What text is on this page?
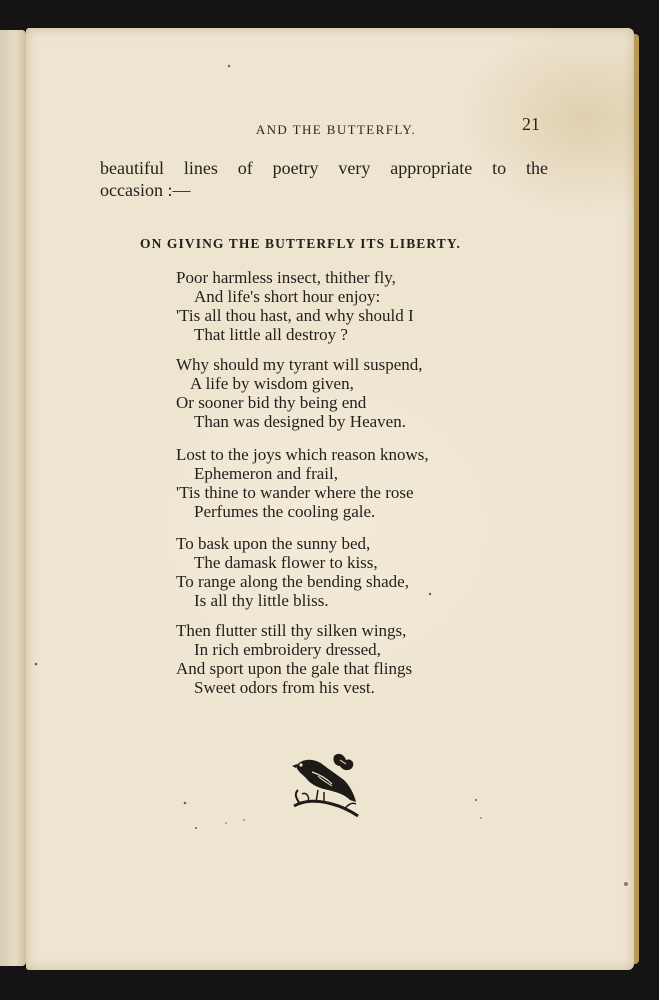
AND THE BUTTERFLY.	21
beautiful lines of poetry very appropriate to the
occasion :—
ON GIVING THE BUTTERFLY ITS LIBERTY.
Poor harmless insect, thither fly,
And life's short hour enjoy:
'Tis all thou hast, and why should I
That little all destroy ?
Why should my tyrant will suspend,
A life by wisdom given,
Or sooner bid thy being end
Than was designed by Heaven.
Lost to the joys which reason knows,
Ephemeron and frail,
'Tis thine to wander where the rose
Perfumes the cooling gale.
To bask upon the sunny bed,
The damask flower to kiss,
To range along the bending shade,
Is all thy little bliss.
Then flutter still thy silken wings,
In rich embroidery dressed,
And sport upon the gale that flings
Sweet odors from his vest.
